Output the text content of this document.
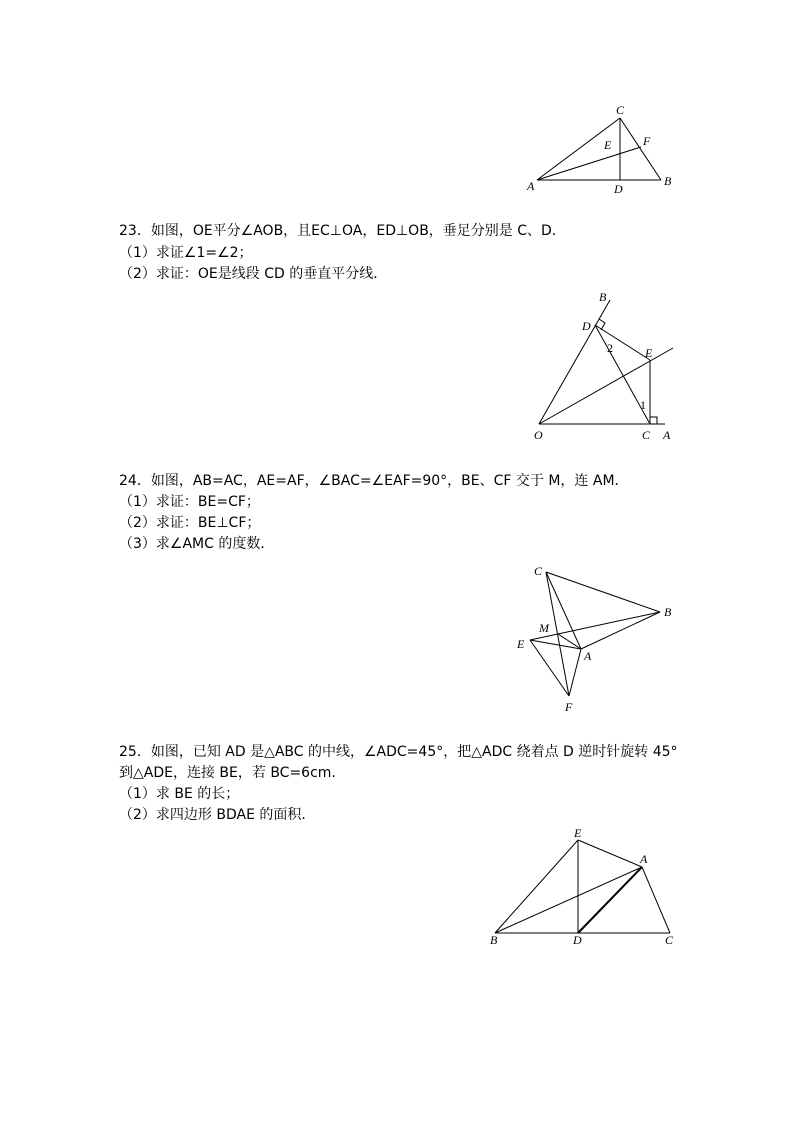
C
F
E
A	D
B
23．如图，OE平分∠AOB，且EC⊥OA，ED⊥OB，垂足分别是 C、D．
（1）求证∠1=∠2；
（2）求证：OE是线段 CD 的垂直平分线．
B
D
2	E
1
O	C A
24．如图，AB=AC，AE=AF，∠BAC=∠EAF=90°，BE、CF 交于 M，连 AM．
（1）求证：BE=CF；
（2）求证：BE⊥CF；
（3）求∠AMC 的度数．
C
B
M
E
A
F
25．如图，已知 AD 是△ABC 的中线，∠ADC=45°，把△ADC 绕着点 D 逆时针旋转 45°
到△ADE，连接 BE，若 BC=6cm.
（1）求 BE 的长；
（2）求四边形 BDAE 的面积．
E
A
B	D	C
